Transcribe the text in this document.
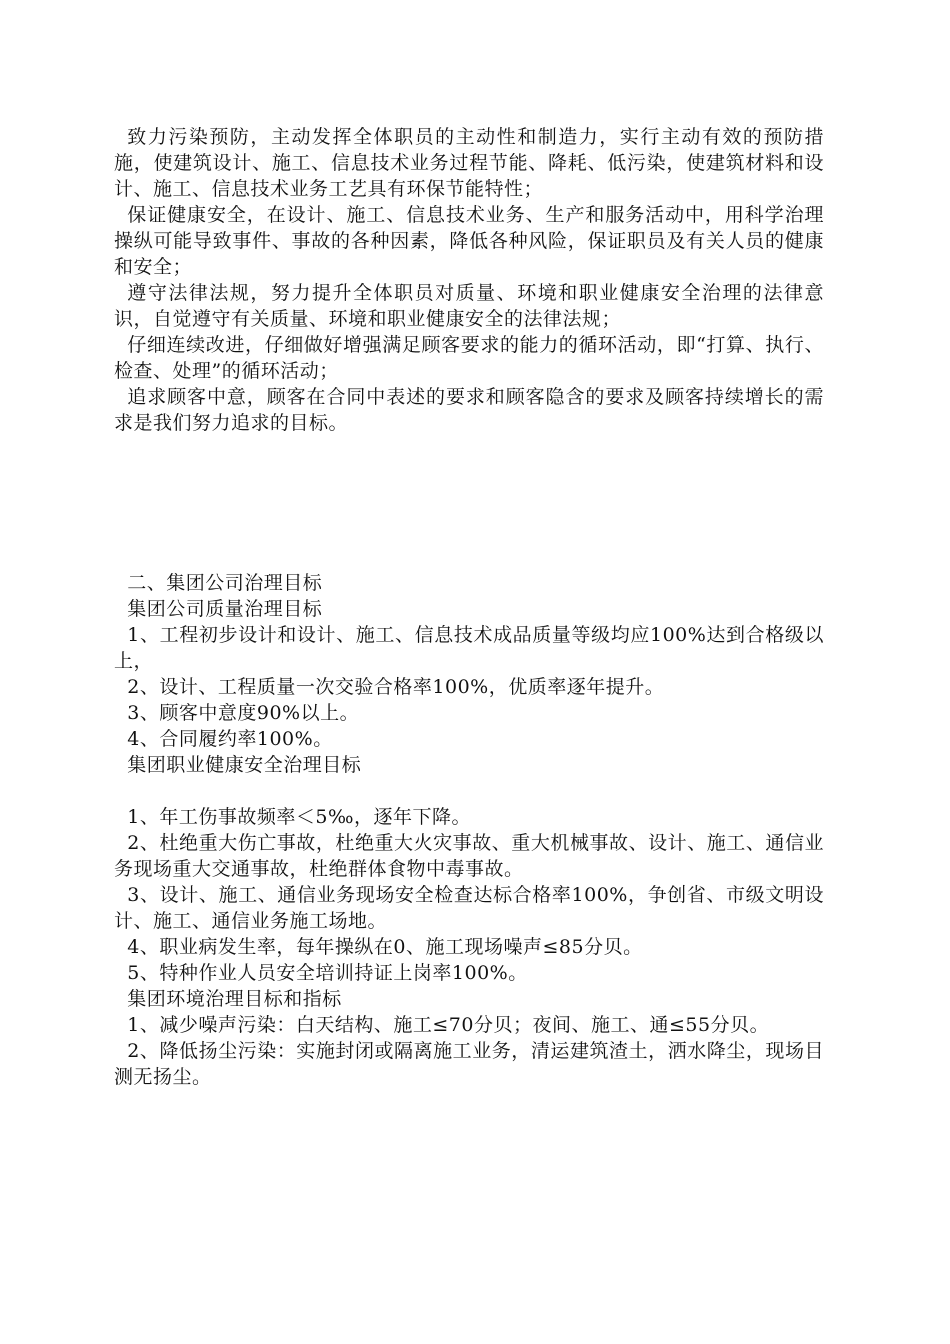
致力污染预防，主动发挥全体职员的主动性和制造力，实行主动有效的预防措施，使建筑设计、施工、信息技术业务过程节能、降耗、低污染，使建筑材料和设计、施工、信息技术业务工艺具有环保节能特性；

保证健康安全，在设计、施工、信息技术业务、生产和服务活动中，用科学治理操纵可能导致事件、事故的各种因素，降低各种风险，保证职员及有关人员的健康和安全；

遵守法律法规，努力提升全体职员对质量、环境和职业健康安全治理的法律意识，自觉遵守有关质量、环境和职业健康安全的法律法规；

仔细连续改进，仔细做好增强满足顾客要求的能力的循环活动，即“打算、执行、检查、处理”的循环活动；

追求顾客中意，顾客在合同中表述的要求和顾客隐含的要求及顾客持续增长的需求是我们努力追求的目标。

二、集团公司治理目标

集团公司质量治理目标

1、工程初步设计和设计、施工、信息技术成品质量等级均应100%达到合格级以上，

2、设计、工程质量一次交验合格率100%，优质率逐年提升。

3、顾客中意度90%以上。

4、合同履约率100%。

集团职业健康安全治理目标

1、年工伤事故频率＜5‰，逐年下降。

2、杜绝重大伤亡事故，杜绝重大火灾事故、重大机械事故、设计、施工、通信业务现场重大交通事故，杜绝群体食物中毒事故。

3、设计、施工、通信业务现场安全检查达标合格率100%，争创省、市级文明设计、施工、通信业务施工场地。

4、职业病发生率，每年操纵在0、施工现场噪声≤85分贝。

5、特种作业人员安全培训持证上岗率100%。

集团环境治理目标和指标

1、减少噪声污染：白天结构、施工≤70分贝；夜间、施工、通≤55分贝。

2、降低扬尘污染：实施封闭或隔离施工业务，清运建筑渣土，洒水降尘，现场目测无扬尘。
